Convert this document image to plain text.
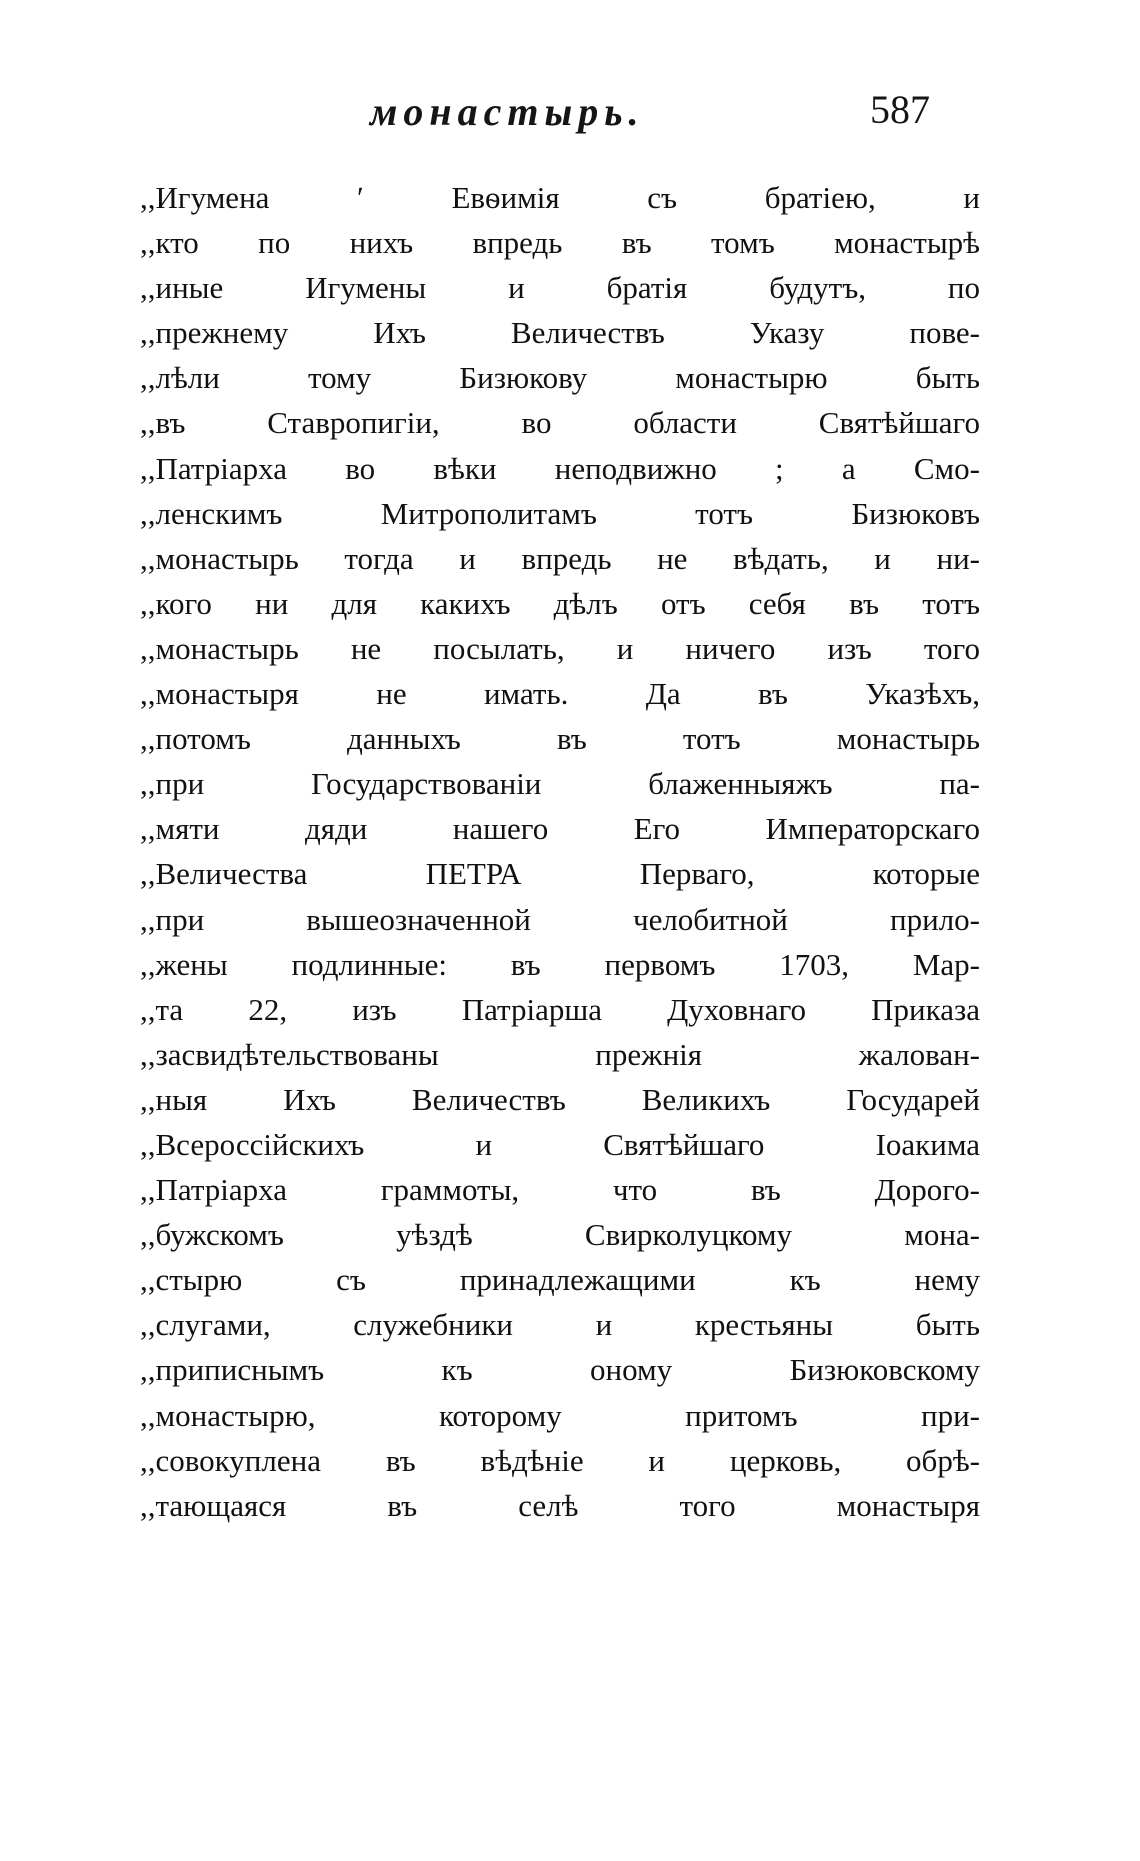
монастырь.	587
,,Игумена ʹ Евѳимія съ братіею, и
,,кто по нихъ впредь въ томъ монастырѣ
,,иные Игумены и братія будутъ, по
,,прежнему Ихъ Величествъ Указу пове-
,,лѣли тому Бизюкову монастырю быть
,,въ Ставропигіи, во области Святѣйшаго
,,Патріарха во вѣки неподвижно ; а Смо-
,,ленскимъ Митрополитамъ тотъ Бизюковъ
,,монастырь тогда и впредь не вѣдать, и ни-
,,кого ни для какихъ дѣлъ отъ себя въ тотъ
,,монастырь не посылать, и ничего изъ того
,,монастыря не имать. Да въ Указѣхъ,
,,потомъ данныхъ въ тотъ монастырь
,,при Государствованіи блаженныяжъ па-
,,мяти дяди нашего Его Императорскаго
,,Величества ПЕТРА Перваго, которые
,,при вышеозначенной челобитной прило-
,,жены подлинные: въ первомъ 1703, Мар-
,,та 22, изъ Патріарша Духовнаго Приказа
,,засвидѣтельствованы прежнія жалован-
,,ныя Ихъ Величествъ Великихъ Государей
,,Всероссійскихъ и Святѣйшаго Іоакима
,,Патріарха граммоты, что въ Дорого-
,,бужскомъ уѣздѣ Свирколуцкому мона-
,,стырю съ принадлежащими къ нему
,,слугами, служебники и крестьяны быть
,,приписнымъ къ оному Бизюковскому
,,монастырю, которому притомъ при-
,,совокуплена въ вѣдѣніе и церковь, обрѣ-
,,тающаяся въ селѣ того монастыря
